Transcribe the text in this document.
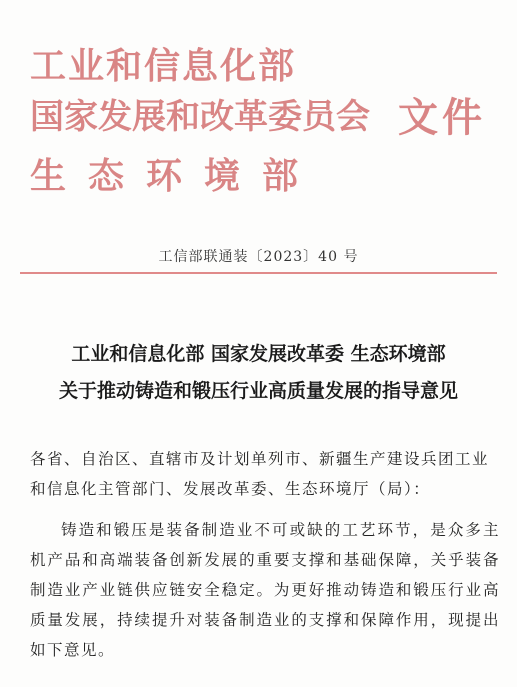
工业和信息化部
国家发展和改革委员会
生态环境部
文件
工信部联通装〔2023〕40 号
工业和信息化部 国家发展改革委 生态环境部
关于推动铸造和锻压行业高质量发展的指导意见

各省、自治区、直辖市及计划单列市、新疆生产建设兵团工业和信息化主管部门、发展改革委、生态环境厅（局）：

铸造和锻压是装备制造业不可或缺的工艺环节，是众多主机产品和高端装备创新发展的重要支撑和基础保障，关乎装备制造业产业链供应链安全稳定。为更好推动铸造和锻压行业高质量发展，持续提升对装备制造业的支撑和保障作用，现提出如下意见。
